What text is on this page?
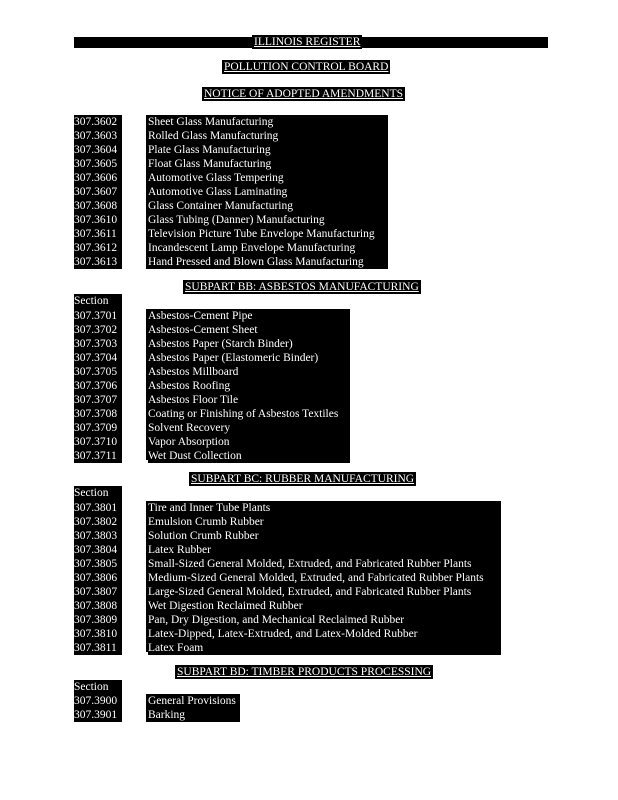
ILLINOIS REGISTER
POLLUTION CONTROL BOARD
NOTICE OF ADOPTED AMENDMENTS
307.3602	Sheet Glass Manufacturing
307.3603	Rolled Glass Manufacturing
307.3604	Plate Glass Manufacturing
307.3605	Float Glass Manufacturing
307.3606	Automotive Glass Tempering
307.3607	Automotive Glass Laminating
307.3608	Glass Container Manufacturing
307.3610	Glass Tubing (Danner) Manufacturing
307.3611	Television Picture Tube Envelope Manufacturing
307.3612	Incandescent Lamp Envelope Manufacturing
307.3613	Hand Pressed and Blown Glass Manufacturing
SUBPART BB: ASBESTOS MANUFACTURING
Section
307.3701	Asbestos-Cement Pipe
307.3702	Asbestos-Cement Sheet
307.3703	Asbestos Paper (Starch Binder)
307.3704	Asbestos Paper (Elastomeric Binder)
307.3705	Asbestos Millboard
307.3706	Asbestos Roofing
307.3707	Asbestos Floor Tile
307.3708	Coating or Finishing of Asbestos Textiles
307.3709	Solvent Recovery
307.3710	Vapor Absorption
307.3711	Wet Dust Collection
SUBPART BC: RUBBER MANUFACTURING
Section
307.3801	Tire and Inner Tube Plants
307.3802	Emulsion Crumb Rubber
307.3803	Solution Crumb Rubber
307.3804	Latex Rubber
307.3805	Small-Sized General Molded, Extruded, and Fabricated Rubber Plants
307.3806	Medium-Sized General Molded, Extruded, and Fabricated Rubber Plants
307.3807	Large-Sized General Molded, Extruded, and Fabricated Rubber Plants
307.3808	Wet Digestion Reclaimed Rubber
307.3809	Pan, Dry Digestion, and Mechanical Reclaimed Rubber
307.3810	Latex-Dipped, Latex-Extruded, and Latex-Molded Rubber
307.3811	Latex Foam
SUBPART BD: TIMBER PRODUCTS PROCESSING
Section
307.3900	General Provisions
307.3901	Barking
